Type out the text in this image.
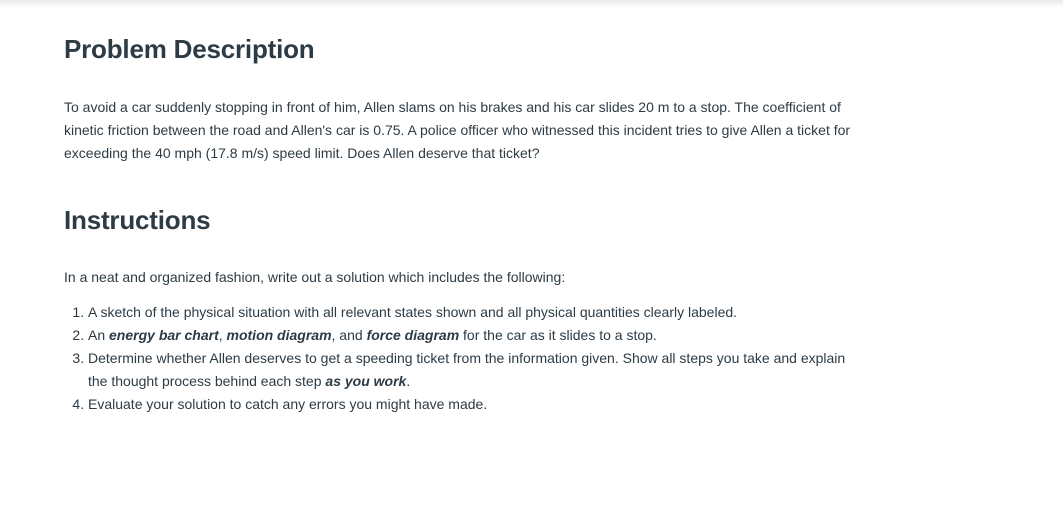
Problem Description
To avoid a car suddenly stopping in front of him, Allen slams on his brakes and his car slides 20 m to a stop. The coefficient of kinetic friction between the road and Allen's car is 0.75. A police officer who witnessed this incident tries to give Allen a ticket for exceeding the 40 mph (17.8 m/s) speed limit. Does Allen deserve that ticket?
Instructions
In a neat and organized fashion, write out a solution which includes the following:
1. A sketch of the physical situation with all relevant states shown and all physical quantities clearly labeled.
2. An energy bar chart, motion diagram, and force diagram for the car as it slides to a stop.
3. Determine whether Allen deserves to get a speeding ticket from the information given. Show all steps you take and explain the thought process behind each step as you work.
4. Evaluate your solution to catch any errors you might have made.
